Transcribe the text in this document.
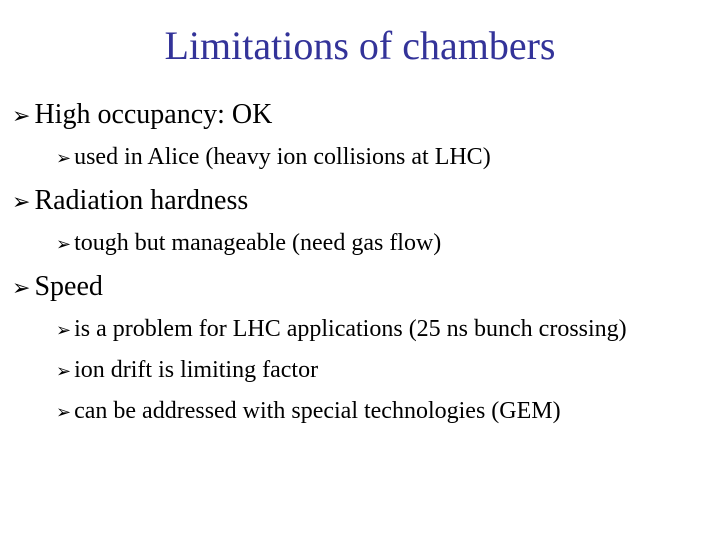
Limitations of chambers
➢ High occupancy: OK
➢ used in Alice (heavy ion collisions at LHC)
➢ Radiation hardness
➢ tough but manageable (need gas flow)
➢ Speed
➢ is a problem for LHC applications (25 ns bunch crossing)
➢ ion drift is limiting factor
➢ can be addressed with special technologies (GEM)
